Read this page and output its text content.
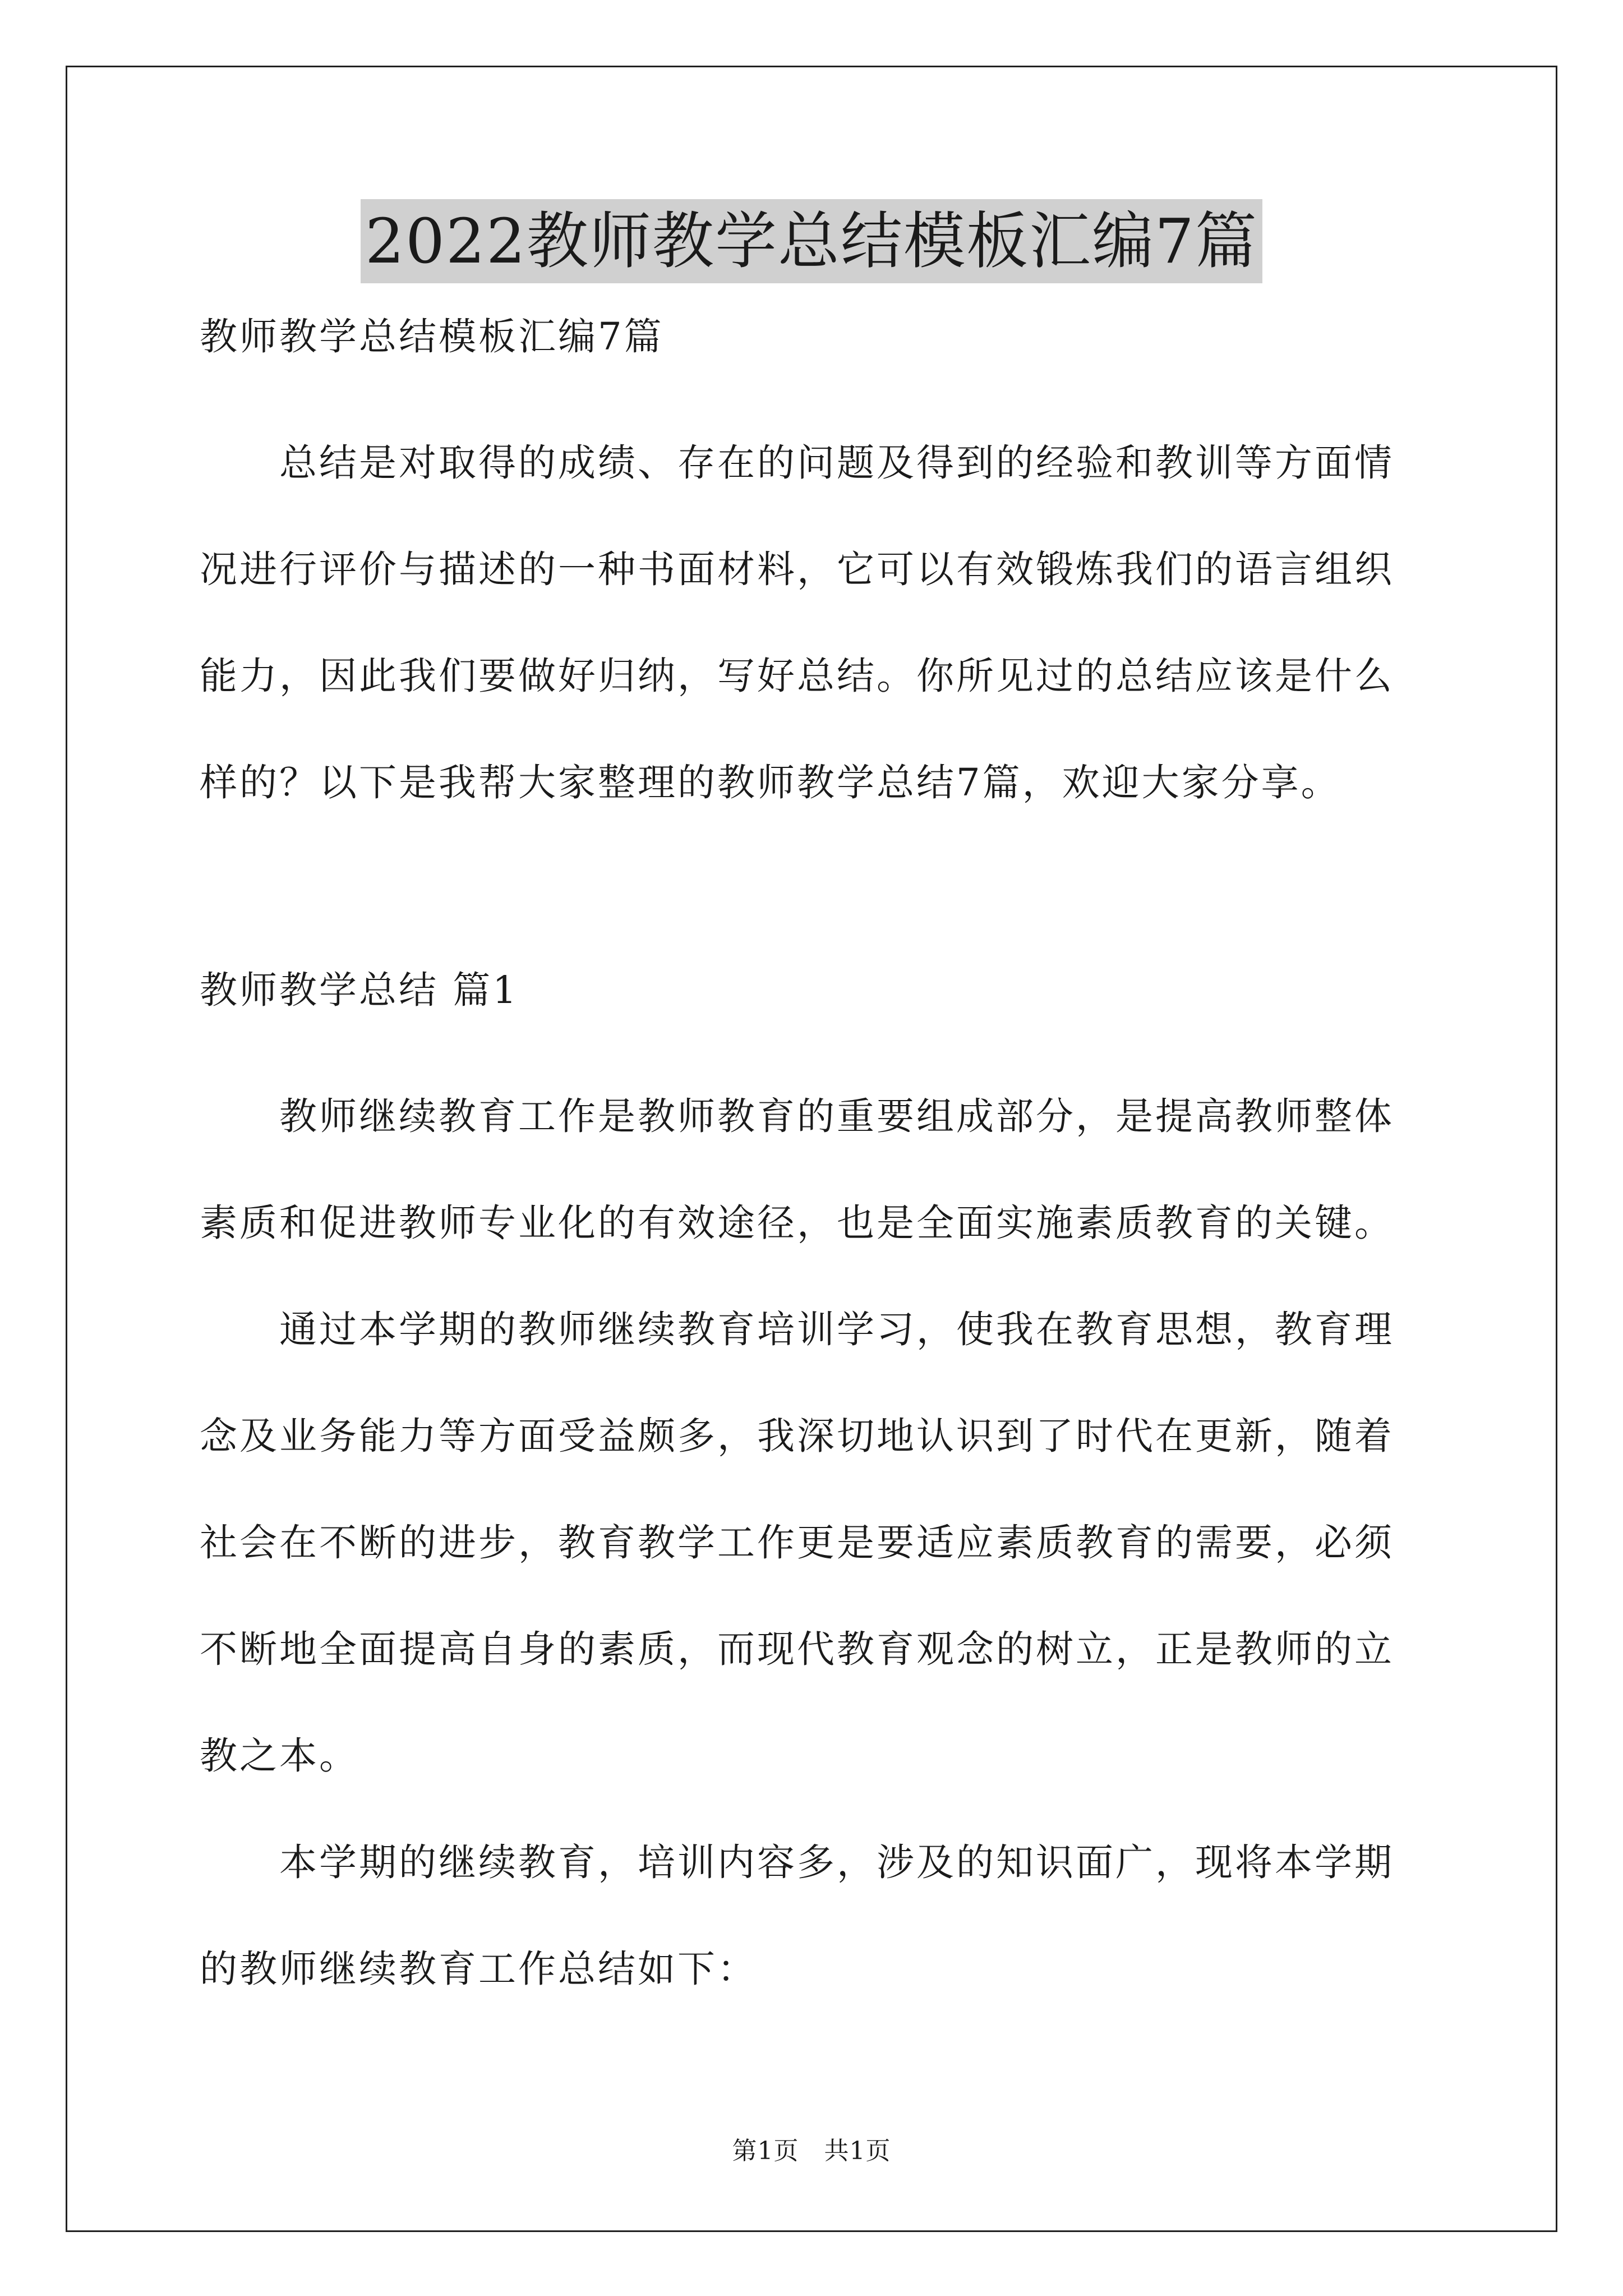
2022教师教学总结模板汇编7篇
教师教学总结模板汇编7篇
总结是对取得的成绩、存在的问题及得到的经验和教训等方面情
况进行评价与描述的一种书面材料，它可以有效锻炼我们的语言组织
能力，因此我们要做好归纳，写好总结。你所见过的总结应该是什么
样的？以下是我帮大家整理的教师教学总结7篇，欢迎大家分享。
教师教学总结 篇1
教师继续教育工作是教师教育的重要组成部分，是提高教师整体
素质和促进教师专业化的有效途径，也是全面实施素质教育的关键。
通过本学期的教师继续教育培训学习，使我在教育思想，教育理
念及业务能力等方面受益颇多，我深切地认识到了时代在更新，随着
社会在不断的进步，教育教学工作更是要适应素质教育的需要，必须
不断地全面提高自身的素质，而现代教育观念的树立，正是教师的立
教之本。
本学期的继续教育，培训内容多，涉及的知识面广，现将本学期
的教师继续教育工作总结如下：
第1页　共1页
